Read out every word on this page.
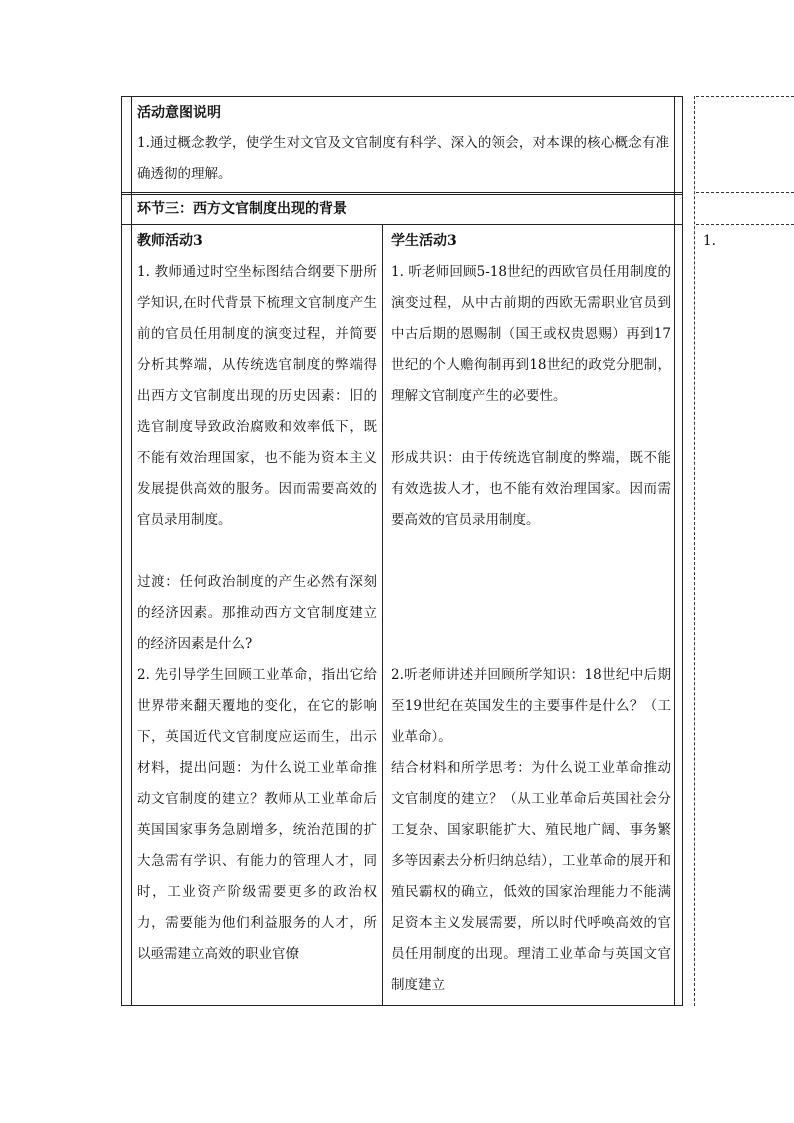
活动意图说明
1.通过概念教学，使学生对文官及文官制度有科学、深入的领会，对本课的核心概念有准确透彻的理解。
环节三：西方文官制度出现的背景
教师活动3
1. 教师通过时空坐标图结合纲要下册所学知识,在时代背景下梳理文官制度产生前的官员任用制度的演变过程，并简要分析其弊端，从传统选官制度的弊端得出西方文官制度出现的历史因素：旧的选官制度导致政治腐败和效率低下，既不能有效治理国家，也不能为资本主义发展提供高效的服务。因而需要高效的官员录用制度。
过渡：任何政治制度的产生必然有深刻的经济因素。那推动西方文官制度建立的经济因素是什么?
2. 先引导学生回顾工业革命，指出它给世界带来翻天覆地的变化，在它的影响下，英国近代文官制度应运而生，出示材料，提出问题：为什么说工业革命推动文官制度的建立？教师从工业革命后英国国家事务急剧增多，统治范围的扩大急需有学识、有能力的管理人才，同时，工业资产阶级需要更多的政治权力，需要能为他们利益服务的人才，所以亟需建立高效的职业官僚
学生活动3
1. 听老师回顾5-18世纪的西欧官员任用制度的演变过程，从中古前期的西欧无需职业官员到中古后期的恩赐制（国王或权贵恩赐）再到17世纪的个人赡徇制再到18世纪的政党分肥制，理解文官制度产生的必要性。
形成共识：由于传统选官制度的弊端，既不能有效选拔人才，也不能有效治理国家。因而需要高效的官员录用制度。
2.听老师讲述并回顾所学知识：18世纪中后期至19世纪在英国发生的主要事件是什么？（工业革命）。
结合材料和所学思考：为什么说工业革命推动文官制度的建立？（从工业革命后英国社会分工复杂、国家职能扩大、殖民地广阔、事务繁多等因素去分析归纳总结），工业革命的展开和殖民霸权的确立，低效的国家治理能力不能满足资本主义发展需要，所以时代呼唤高效的官员任用制度的出现。理清工业革命与英国文官制度建立
1.
